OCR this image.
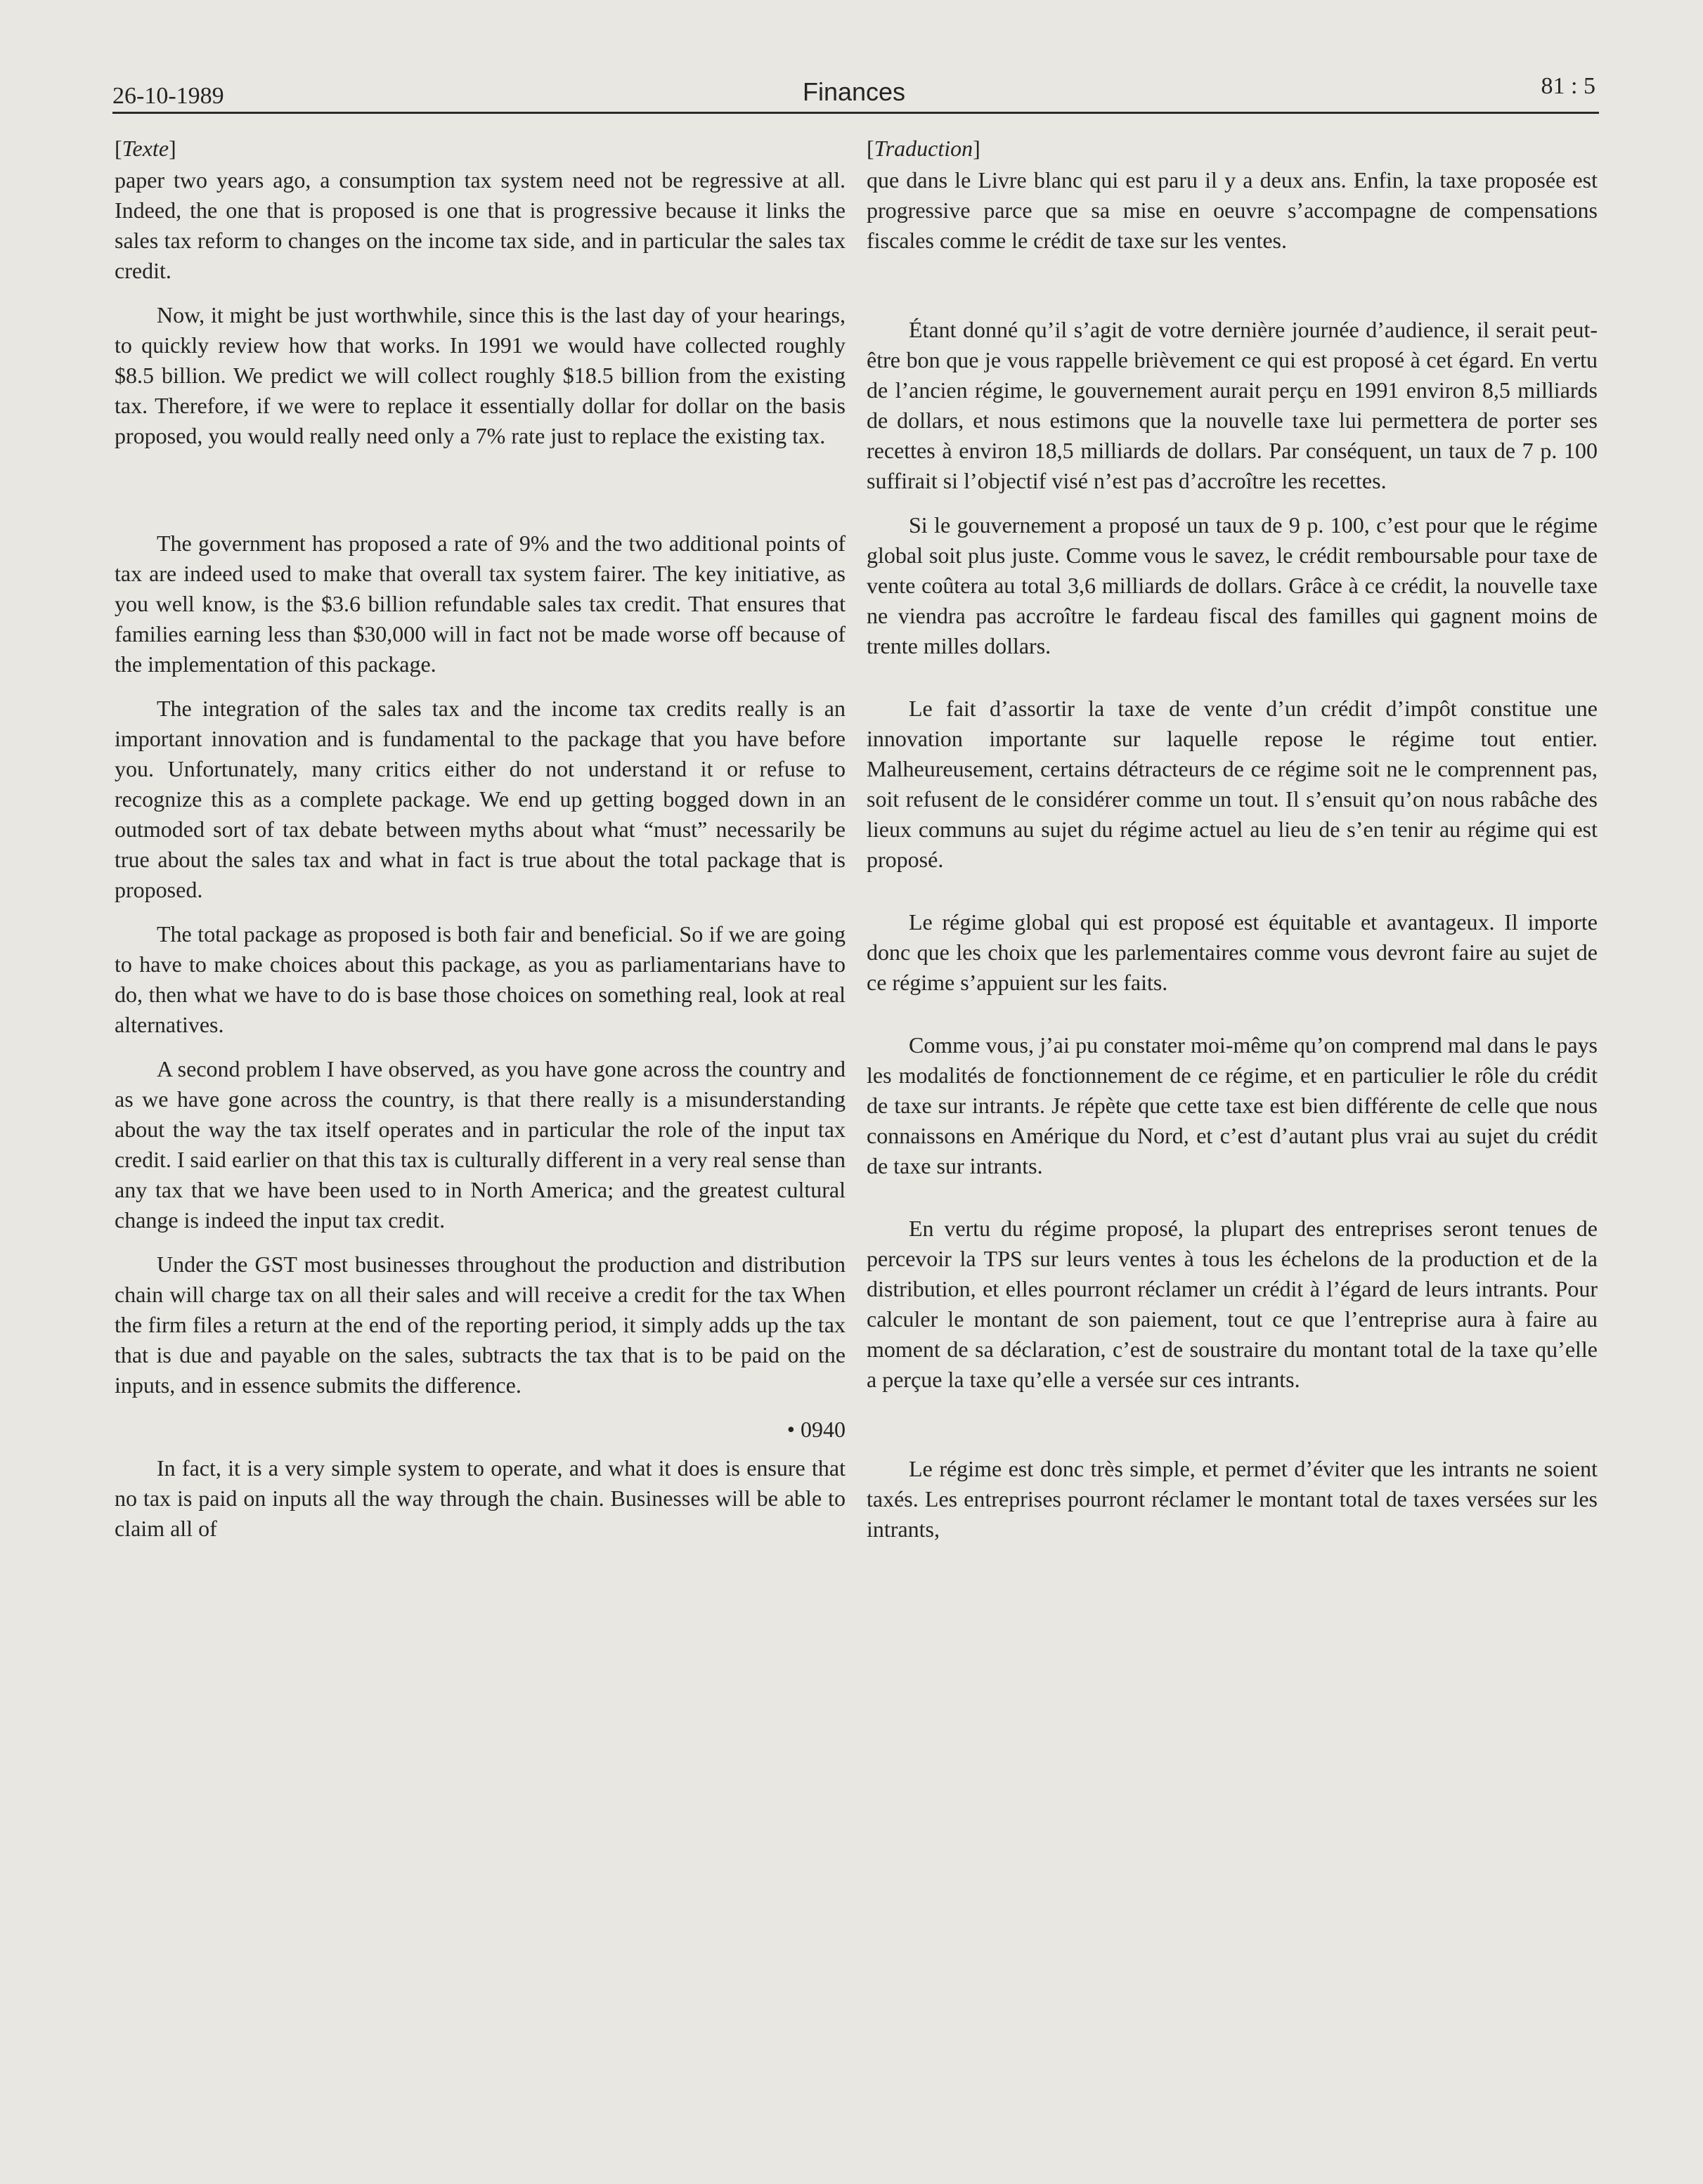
26-10-1989	Finances	81 : 5
[Texte]

paper two years ago, a consumption tax system need not be regressive at all. Indeed, the one that is proposed is one that is progressive because it links the sales tax reform to changes on the income tax side, and in particular the sales tax credit.

Now, it might be just worthwhile, since this is the last day of your hearings, to quickly review how that works. In 1991 we would have collected roughly $8.5 billion. We predict we will collect roughly $18.5 billion from the existing tax. Therefore, if we were to replace it essentially dollar for dollar on the basis proposed, you would really need only a 7% rate just to replace the existing tax.

The government has proposed a rate of 9% and the two additional points of tax are indeed used to make that overall tax system fairer. The key initiative, as you well know, is the $3.6 billion refundable sales tax credit. That ensures that families earning less than $30,000 will in fact not be made worse off because of the implementation of this package.

The integration of the sales tax and the income tax credits really is an important innovation and is fundamental to the package that you have before you. Unfortunately, many critics either do not understand it or refuse to recognize this as a complete package. We end up getting bogged down in an outmoded sort of tax debate between myths about what “must” necessarily be true about the sales tax and what in fact is true about the total package that is proposed.

The total package as proposed is both fair and beneficial. So if we are going to have to make choices about this package, as you as parliamentarians have to do, then what we have to do is base those choices on something real, look at real alternatives.

A second problem I have observed, as you have gone across the country and as we have gone across the country, is that there really is a misunderstanding about the way the tax itself operates and in particular the role of the input tax credit. I said earlier on that this tax is culturally different in a very real sense than any tax that we have been used to in North America; and the greatest cultural change is indeed the input tax credit.

Under the GST most businesses throughout the production and distribution chain will charge tax on all their sales and will receive a credit for the tax When the firm files a return at the end of the reporting period, it simply adds up the tax that is due and payable on the sales, subtracts the tax that is to be paid on the inputs, and in essence submits the difference.

• 0940

In fact, it is a very simple system to operate, and what it does is ensure that no tax is paid on inputs all the way through the chain. Businesses will be able to claim all of

[Traduction]

que dans le Livre blanc qui est paru il y a deux ans. Enfin, la taxe proposée est progressive parce que sa mise en oeuvre s’accompagne de compensations fiscales comme le crédit de taxe sur les ventes.

Étant donné qu’il s’agit de votre dernière journée d’audience, il serait peut-être bon que je vous rappelle brièvement ce qui est proposé à cet égard. En vertu de l’ancien régime, le gouvernement aurait perçu en 1991 environ 8,5 milliards de dollars, et nous estimons que la nouvelle taxe lui permettera de porter ses recettes à environ 18,5 milliards de dollars. Par conséquent, un taux de 7 p. 100 suffirait si l’objectif visé n’est pas d’accroître les recettes.

Si le gouvernement a proposé un taux de 9 p. 100, c’est pour que le régime global soit plus juste. Comme vous le savez, le crédit remboursable pour taxe de vente coûtera au total 3,6 milliards de dollars. Grâce à ce crédit, la nouvelle taxe ne viendra pas accroître le fardeau fiscal des familles qui gagnent moins de trente milles dollars.

Le fait d’assortir la taxe de vente d’un crédit d’impôt constitue une innovation importante sur laquelle repose le régime tout entier. Malheureusement, certains détracteurs de ce régime soit ne le comprennent pas, soit refusent de le considérer comme un tout. Il s’ensuit qu’on nous rabâche des lieux communs au sujet du régime actuel au lieu de s’en tenir au régime qui est proposé.

Le régime global qui est proposé est équitable et avantageux. Il importe donc que les choix que les parlementaires comme vous devront faire au sujet de ce régime s’appuient sur les faits.

Comme vous, j’ai pu constater moi-même qu’on comprend mal dans le pays les modalités de fonctionnement de ce régime, et en particulier le rôle du crédit de taxe sur intrants. Je répète que cette taxe est bien différente de celle que nous connaissons en Amérique du Nord, et c’est d’autant plus vrai au sujet du crédit de taxe sur intrants.

En vertu du régime proposé, la plupart des entreprises seront tenues de percevoir la TPS sur leurs ventes à tous les échelons de la production et de la distribution, et elles pourront réclamer un crédit à l’égard de leurs intrants. Pour calculer le montant de son paiement, tout ce que l’entreprise aura à faire au moment de sa déclaration, c’est de soustraire du montant total de la taxe qu’elle a perçue la taxe qu’elle a versée sur ces intrants.

Le régime est donc très simple, et permet d’éviter que les intrants ne soient taxés. Les entreprises pourront réclamer le montant total de taxes versées sur les intrants,
